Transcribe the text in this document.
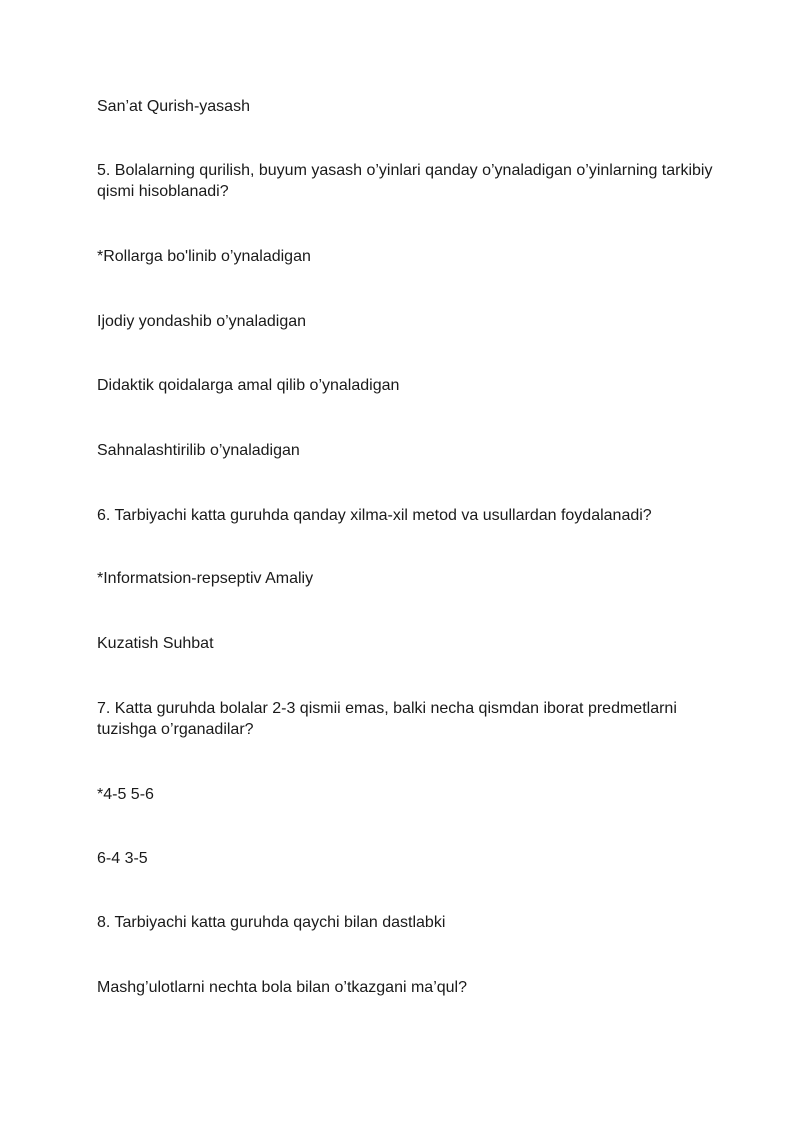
San’at Qurish-yasash

5. Bolalarning qurilish, buyum yasash o’yinlari qanday o’ynaladigan o’yinlarning tarkibiy qismi hisoblanadi?

*Rollarga bo'linib o’ynaladigan

Ijodiy yondashib o’ynaladigan

Didaktik qoidalarga amal qilib o’ynaladigan

Sahnalashtirilib o’ynaladigan

6. Tarbiyachi katta guruhda qanday xilma-xil metod va usullardan foydalanadi?

*Informatsion-repseptiv Amaliy

Kuzatish Suhbat

7. Katta guruhda bolalar 2-3 qismii emas, balki necha qismdan iborat predmetlarni tuzishga o’rganadilar?

*4-5 5-6

6-4 3-5

8. Tarbiyachi katta guruhda qaychi bilan dastlabki

Mashg’ulotlarni nechta bola bilan o’tkazgani ma’qul?
